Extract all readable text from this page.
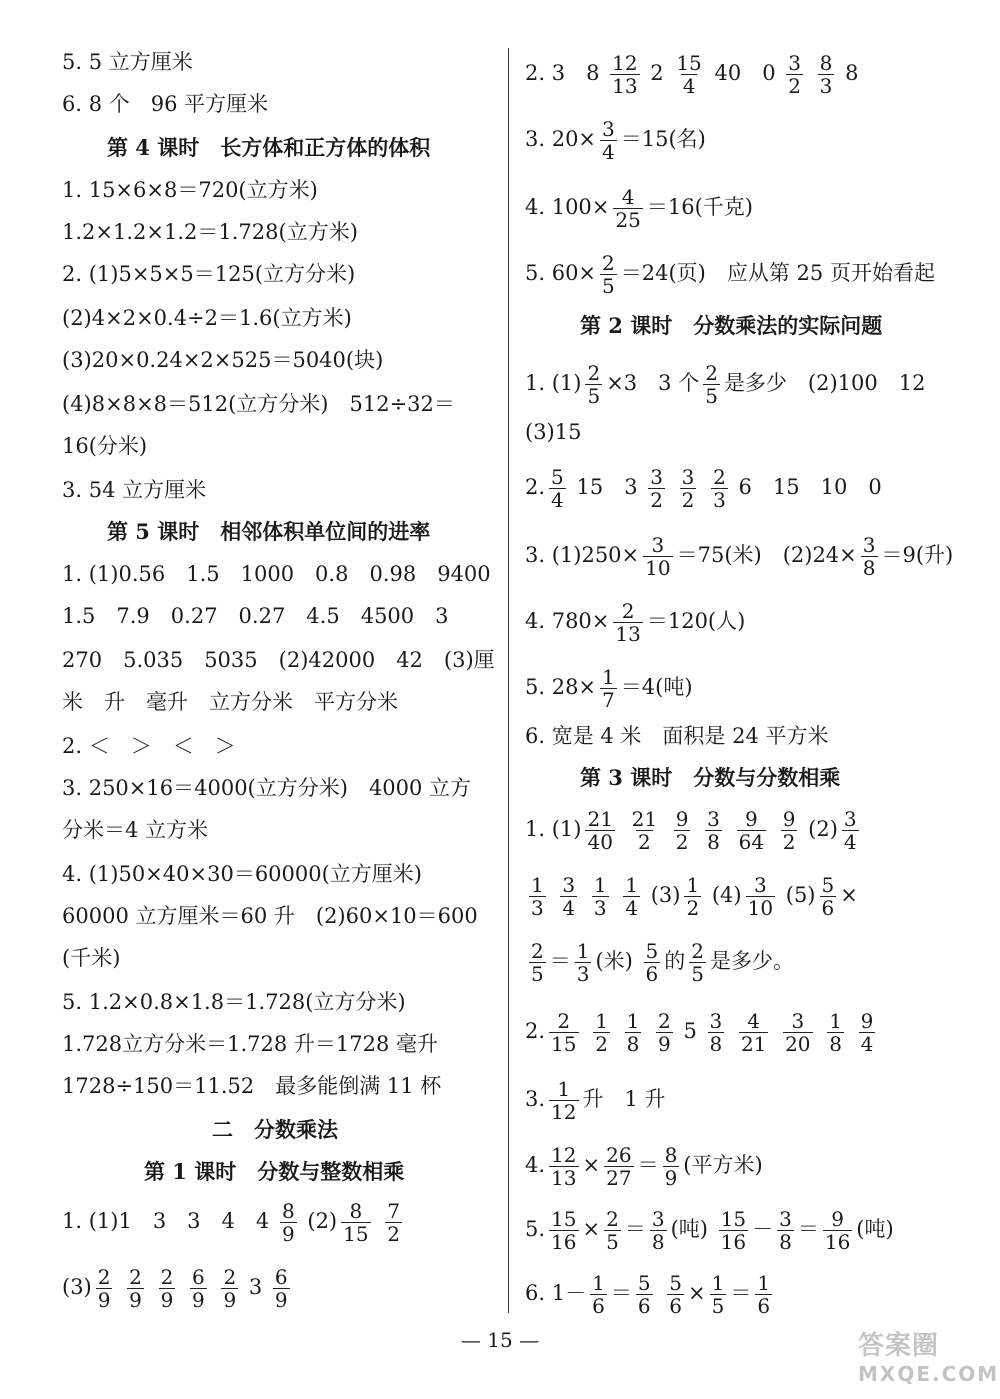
5. 5 立方厘米
6. 8 个　96 平方厘米
第 4 课时　长方体和正方体的体积
1. 15×6×8＝720(立方米)
1.2×1.2×1.2＝1.728(立方米)
2. (1)5×5×5＝125(立方分米)
(2)4×2×0.4÷2＝1.6(立方米)
(3)20×0.24×2×525＝5040(块)
(4)8×8×8＝512(立方分米)　512÷32＝
16(分米)
3. 54 立方厘米
第 5 课时　相邻体积单位间的进率
1. (1)0.56　1.5　1000　0.8　0.98　9400
1.5　7.9　0.27　0.27　4.5　4500　3
270　5.035　5035　(2)42000　42　(3)厘
米　升　毫升　立方分米　平方分米
2. ＜　＞　＜　＞
3. 250×16＝4000(立方分米)　4000 立方
分米＝4 立方米
4. (1)50×40×30＝60000(立方厘米)
60000 立方厘米＝60 升　(2)60×10＝600
(千米)
5. 1.2×0.8×1.8＝1.728(立方分米)
1.728立方分米＝1.728 升＝1728 毫升
1728÷150＝11.52　最多能倒满 11 杯
二　分数乘法
第 1 课时　分数与整数相乘
1. (1)1　3　3　4　$4 \frac{8}{9} (2) \frac{8}{15}$
$\frac{7}{2}$
$(3) \frac{2}{9}$
$\frac{2}{9}$
$\frac{2}{9}$
$\frac{6}{9}$
$\frac{2}{9} 3 \frac{6}{9}$
2. 3　$8 \frac{12}{13} 2 \frac{15}{4} 40$　$0 \frac{3}{2}$
$\frac{8}{3} 8$
3. $20\times \frac{3}{4} =15$(名)
4. $100\times \frac{4}{25} =16$(千克)
5. $60\times \frac{2}{5} =24$(页)　应从第 25 页开始看起
第 2 课时　分数乘法的实际问题
1. $(1) \frac{2}{5} \times 3$　3 个 $\frac{2}{5}$ 是多少　(2)100　12
(3)15
2. $\frac{5}{4} 15$　$3 \frac{3}{2}$
$\frac{3}{2}$
$\frac{2}{3} 6$　15　10　0
3. $(1)250\times \frac{3}{10} =75$(米)　$(2)24\times \frac{3}{8} =9$(升)
4. $780\times \frac{2}{13} =120$(人)
5. $28\times \frac{1}{7} =4$(吨)
6. 宽是 4 米　面积是 24 平方米
第 3 课时　分数与分数相乘
1. $(1) \frac{21}{40}$
$\frac{21}{2}$
$\frac{9}{2}$
$\frac{3}{8}$
$\frac{9}{64}$
$\frac{9}{2} (2) \frac{3}{4}$
$\frac{1}{3}$
$\frac{3}{4}$
$\frac{1}{3}$
$\frac{1}{4} (3) \frac{1}{2} (4) \frac{3}{10} (5) \frac{5}{6}$ ×
$\frac{2}{5} = \frac{1}{3}$ (米) $\frac{5}{6}$ 的 $\frac{2}{5}$ 是多少。
2. $\frac{2}{15}$
$\frac{1}{2}$
$\frac{1}{8}$
$\frac{2}{9} 5 \frac{3}{8}$
$\frac{4}{21}$
$\frac{3}{20}$
$\frac{1}{8}$
$\frac{9}{4}$
3. $\frac{1}{12}$ 升　1 升
4. $\frac{12}{13} \times \frac{26}{27} = \frac{8}{9}$ (平方米)
5. $\frac{15}{16} \times \frac{2}{5} = \frac{3}{8}$ (吨) $\frac{15}{16} - \frac{3}{8} = \frac{9}{16}$ (吨)
6. $1- \frac{1}{6} = \frac{5}{6}$
$\frac{5}{6} \times \frac{1}{5} = \frac{1}{6}$
— 15 —	答案圈
MXQE.COM
